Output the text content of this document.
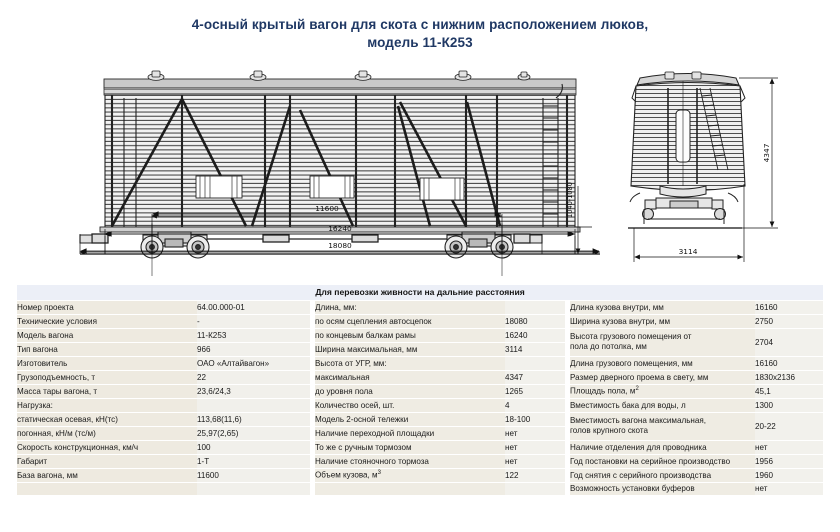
4-осный крытый вагон для скота с нижним расположением люков,
модель 11-К253
1040-1080
11600
16240
18080
3114
4347
Для перевозки живности на дальние расстояния							
Номер проекта	64.00.000-01		Длина, мм:			Длина кузова внутри, мм	16160
Технические условия	-		по осям сцепления автосцепок	18080		Ширина кузова внутри, мм	2750
Модель вагона	11-К253		по концевым балкам рамы	16240		Высота грузового помещения от
пола до потолка, мм	2704
Тип вагона	966		Ширина максимальная, мм	3114			
Изготовитель	ОАО «Алтайвагон»		Высота от УГР, мм:			Длина грузового помещения, мм	16160
Грузоподъемность, т	22		максимальная	4347		Размер дверного проема в свету, мм	1830х2136
Масса тары вагона, т	23,6/24,3		до уровня пола	1265		Площадь пола, $м^2$	45,1
Нагрузка:			Количество осей, шт.	4		Вместимость бака для воды, л	1300
статическая осевая, кН(тс)	113,68(11,6)		Модель 2-осной тележки	18-100		Вместимость вагона максимальная,
голов крупного скота	20-22
погонная, кН/м (тс/м)	25,97(2,65)		Наличие переходной площадки	нет			
Скорость конструкционная, км/ч	100		То же с ручным тормозом	нет		Наличие отделения для проводника	нет
Габарит	1-Т		Наличие стояночного тормоза	нет		Год постановки на серийное производство	1956
База вагона, мм	11600		Объем кузова, $м^3$	122		Год снятия с серийного производства	1960
						Возможность установки буферов	нет
